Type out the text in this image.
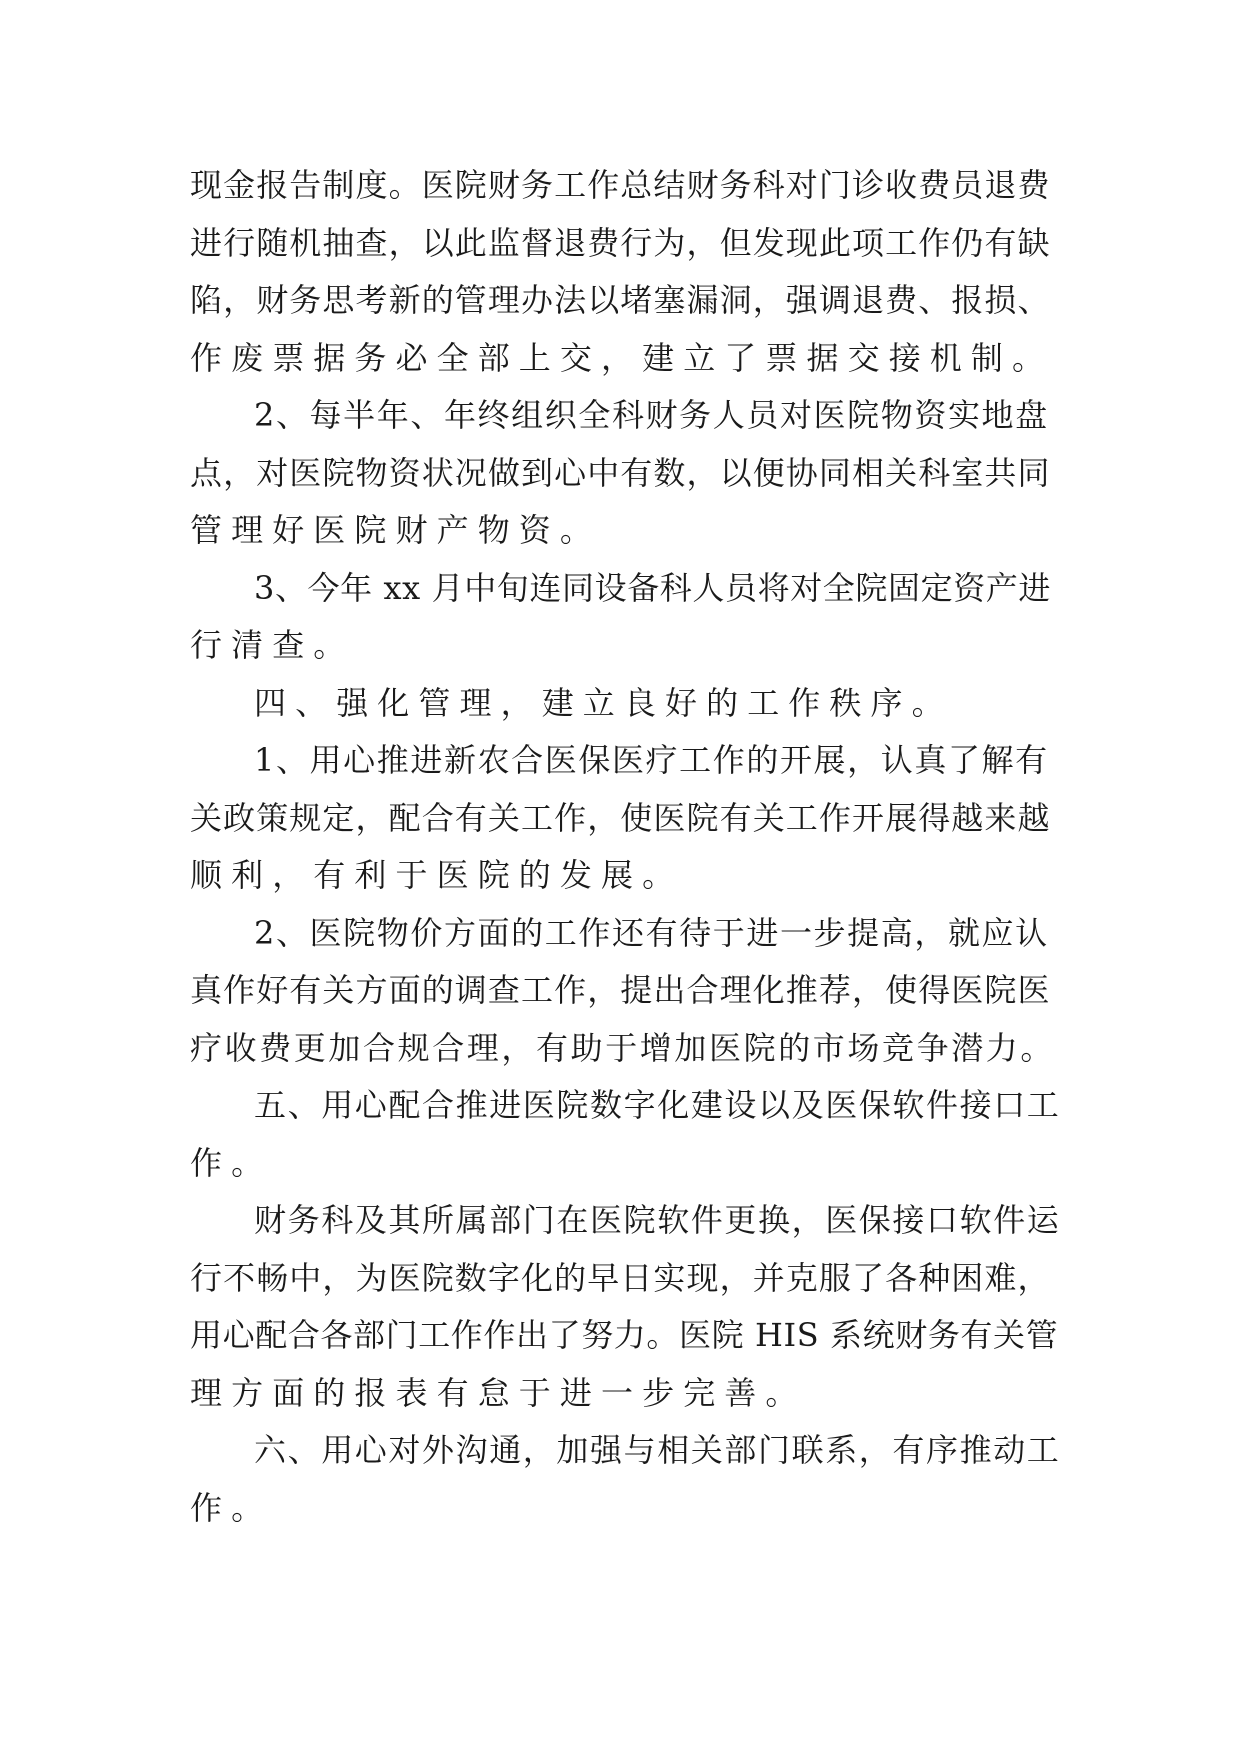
现金报告制度。医院财务工作总结财务科对门诊收费员退费
进行随机抽查，以此监督退费行为，但发现此项工作仍有缺
陷，财务思考新的管理办法以堵塞漏洞，强调退费、报损、
作废票据务必全部上交，建立了票据交接机制。
2、每半年、年终组织全科财务人员对医院物资实地盘
点，对医院物资状况做到心中有数，以便协同相关科室共同
管理好医院财产物资。
3、今年 xx 月中旬连同设备科人员将对全院固定资产进
行清查。
四、强化管理，建立良好的工作秩序。
1、用心推进新农合医保医疗工作的开展，认真了解有
关政策规定，配合有关工作，使医院有关工作开展得越来越
顺利，有利于医院的发展。
2、医院物价方面的工作还有待于进一步提高，就应认
真作好有关方面的调查工作，提出合理化推荐，使得医院医
疗收费更加合规合理，有助于增加医院的市场竞争潜力。
五、用心配合推进医院数字化建设以及医保软件接口工
作。
财务科及其所属部门在医院软件更换，医保接口软件运
行不畅中，为医院数字化的早日实现，并克服了各种困难，
用心配合各部门工作作出了努力。医院 HIS 系统财务有关管
理方面的报表有怠于进一步完善。
六、用心对外沟通，加强与相关部门联系，有序推动工
作。
